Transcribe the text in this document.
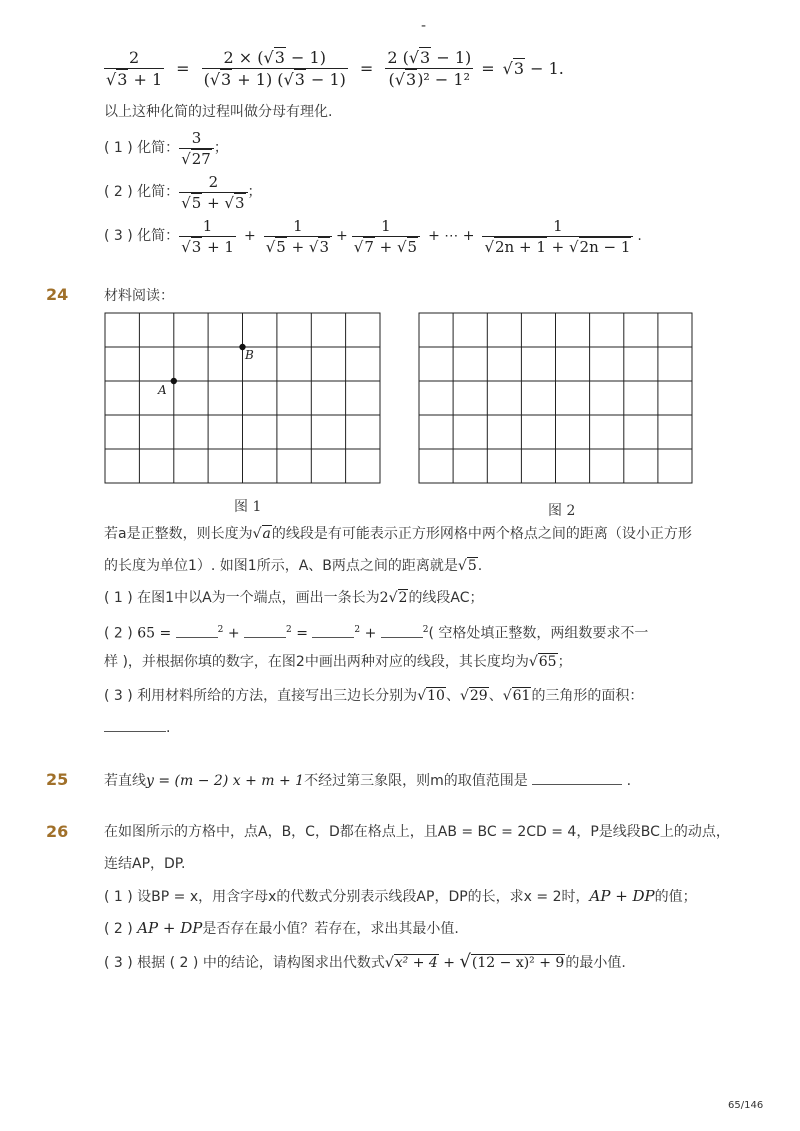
-
$\frac{2}{√3 + 1} = \frac{2 \times (√3 - 1)}{(√3 + 1) (√3 - 1)} = \frac{2 (√3 - 1)}{\text{(√3)² − 1²}} = √3 - 1$.
以上这种化简的过程叫做分母有理化.
( 1 ) 化简： $\frac{3}{√27}$ ；
( 2 ) 化简： $\frac{2}{√5 + √3}$ ；
( 3 ) 化简： $\frac{1}{√3 + 1} + \frac{1}{√5 + √3} + \frac{1}{√7 + √5}$ + ⋯ + $\frac{1}{√2n + 1 + √2n - 1}$ .
24	材料阅读：
A
B
图 1	图 2
若a是正整数，则长度为√a的线段是有可能表示正方形网格中两个格点之间的距离（设小正方形
的长度为单位1）. 如图1所示，A、B两点之间的距离就是√5.
( 1 ) 在图1中以A为一个端点，画出一条长为2√2的线段AC；
( 2 ) 65 =	$^2$ +	$^2$ =	$^2$ +	$^2$( 空格处填正整数，两组数要求不一
样 )，并根据你填的数字，在图2中画出两种对应的线段，其长度均为√65；
( 3 ) 利用材料所给的方法，直接写出三边长分别为√10、√29、√61的三角形的面积：
.
25	若直线y = (m − 2) x + m + 1不经过第三象限，则m的取值范围是	.
26	在如图所示的方格中，点A，B，C，D都在格点上，且AB = BC = 2CD = 4，P是线段BC上的动点，
连结AP，DP.
( 1 ) 设BP = x，用含字母x的代数式分别表示线段AP，DP的长，求x = 2时，AP + DP的值；
( 2 ) AP + DP是否存在最小值？若存在，求出其最小值.
( 3 ) 根据 ( 2 ) 中的结论，请构图求出代数式√x² + 4 + √(12 − x)² + 9的最小值.
65/146
